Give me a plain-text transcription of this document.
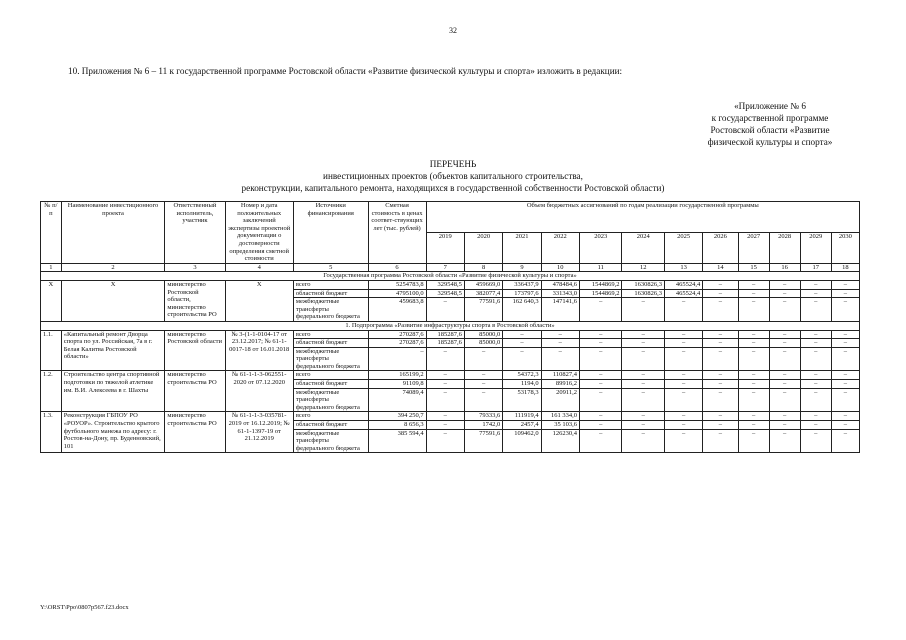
32
10. Приложения № 6 – 11 к государственной программе Ростовской области «Развитие физической культуры и спорта» изложить в редакции:
«Приложение № 6
к государственной программе
Ростовской области «Развитие
физической культуры и спорта»
ПЕРЕЧЕНЬ
инвестиционных проектов (объектов капитального строительства,
реконструкции, капитального ремонта, находящихся в государственной собственности Ростовской области)
№ п/п	Наименование инвестиционного проекта	Ответственный исполнитель, участник	Номер и дата положительных заключений экспертизы проектной документации о достоверности определения сметной стоимости	Источники финансирования	Сметная стоимость в ценах соответ-ствующих лет (тыс. рублей)	Объем бюджетных ассигнований по годам реализации государственной программы											
						2019	2020	2021	2022	2023	2024	2025	2026	2027	2028	2029	2030
1	2	3	4	5	6	7	8	9	10	11	12	13	14	15	16	17	18
Государственная программа Ростовской области «Развитие физической культуры и спорта»																	
Х	Х	министерство Ростовской области, министерство строительства РО	Х	всего	5254783,8	329548,5	459669,0	336437,9	478484,6	1544869,2	1630826,3	465524,4	–	–	–	–	–
				областной бюджет	4795100,0	329548,5	382077,4	173797,6	331343,0	1544869,2	1630826,3	465524,4	–	–	–	–	–
				межбюджетные трансферты федерального бюджета	459683,8	–	77591,6	162 640,3	147141,6	–	–	–	–	–	–	–	–
1. Подпрограмма «Развитие инфраструктуры спорта в Ростовской области»																	
1.1.	«Капитальный ремонт Дворца спорта по ул. Российская, 7а в г. Белая Калитва Ростовской области»	министерство Ростовской области	№ 3-(1-1-0104-17 от 23.12.2017; № 61-1-0017-18 от 16.01.2018	всего	270287,6	185287,6	85000,0	–	–	–	–	–	–	–	–	–	–
				областной бюджет	270287,6	185287,6	85000,0	–	–	–	–	–	–	–	–	–	–
				межбюджетные трансферты федерального бюджета	–	–	–	–	–	–	–	–	–	–	–	–	–
1.2.	Строительство центра спортивной подготовки по тяжелой атлетике им. В.И. Алексеева в г. Шахты	министерство строительства РО	№ 61-1-1-3-062551-2020 от 07.12.2020	всего	165199,2	–	–	54372,3	110827,4	–	–	–	–	–	–	–	–
				областной бюджет	91109,8	–	–	1194,0	89916,2	–	–	–	–	–	–	–	–
				межбюджетные трансферты федерального бюджета	74089,4	–	–	53178,3	20911,2	–	–	–	–	–	–	–	–
1.3.	Реконструкция ГБПОУ РО «РОУОР». Строительство крытого футбольного манежа по адресу: г. Ростов-на-Дону, пр. Буденновский, 101	министерство строительства РО	№ 61-1-1-3-035781-2019 от 16.12.2019; № 61-1-1397-19 от 21.12.2019	всего	394 250,7	–	79333,6	111919,4	161 334,0	–	–	–	–	–	–	–	–
				областной бюджет	8 656,3	–	1742,0	2457,4	35 103,6	–	–	–	–	–	–	–	–
				межбюджетные трансферты федерального бюджета	385 594,4	–	77591,6	109462,0	126230,4	–	–	–	–	–	–	–	–
Y:\ORST\Ppo\0807p567.f23.docx
